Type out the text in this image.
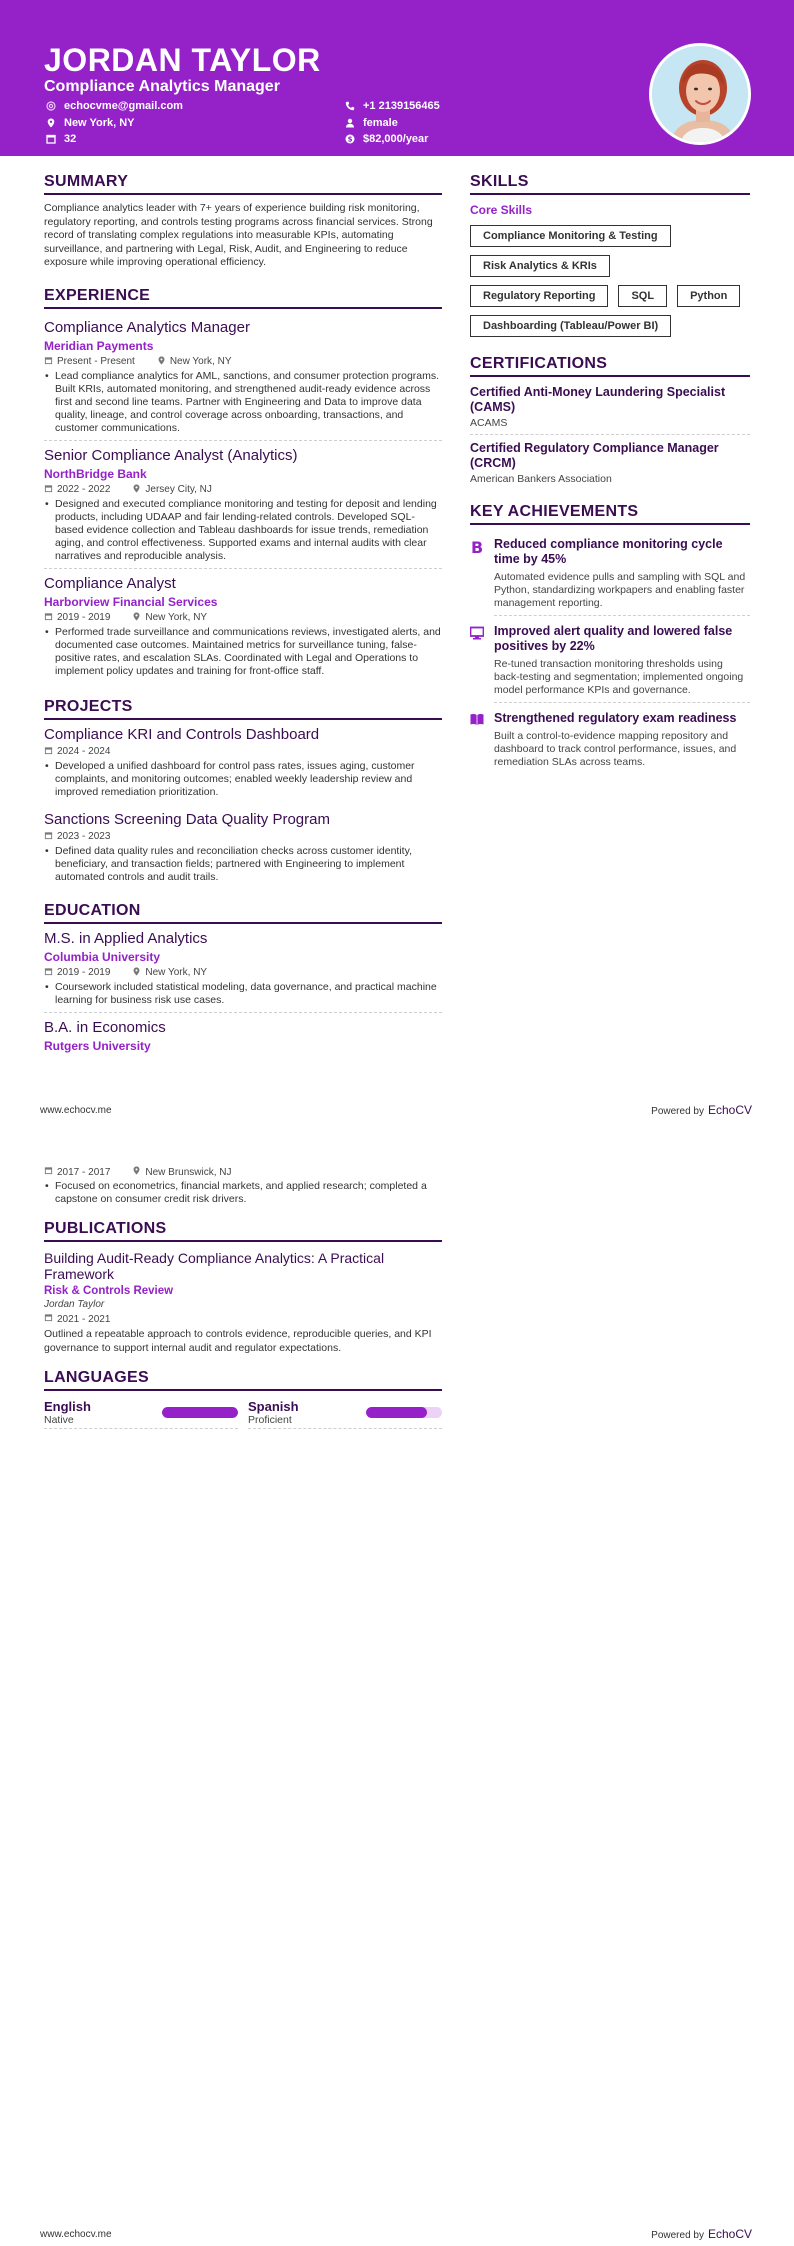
JORDAN TAYLOR
Compliance Analytics Manager
echocvme@gmail.com
New York, NY
32
+1 2139156465
female
$ $82,000/year
SUMMARY
Compliance analytics leader with 7+ years of experience building risk monitoring, regulatory reporting, and controls testing programs across financial services. Strong record of translating complex regulations into measurable KPIs, automating surveillance, and partnering with Legal, Risk, Audit, and Engineering to reduce exposure while improving operational efficiency.
EXPERIENCE
Compliance Analytics Manager
Meridian Payments
Present - Present	New York, NY
• Lead compliance analytics for AML, sanctions, and consumer protection programs. Built KRIs, automated monitoring, and strengthened audit-ready evidence across first and second line teams. Partner with Engineering and Data to improve data quality, lineage, and control coverage across onboarding, transactions, and customer communications.
Senior Compliance Analyst (Analytics)
NorthBridge Bank
2022 - 2022	Jersey City, NJ
• Designed and executed compliance monitoring and testing for deposit and lending products, including UDAAP and fair lending-related controls. Developed SQL-based evidence collection and Tableau dashboards for issue trends, remediation aging, and control effectiveness. Supported exams and internal audits with clear narratives and reproducible analysis.
Compliance Analyst
Harborview Financial Services
2019 - 2019	New York, NY
• Performed trade surveillance and communications reviews, investigated alerts, and documented case outcomes. Maintained metrics for surveillance tuning, false-positive rates, and escalation SLAs. Coordinated with Legal and Operations to implement policy updates and training for front-office staff.
PROJECTS
Compliance KRI and Controls Dashboard
2024 - 2024
• Developed a unified dashboard for control pass rates, issues aging, customer complaints, and monitoring outcomes; enabled weekly leadership review and improved remediation prioritization.
Sanctions Screening Data Quality Program
2023 - 2023
• Defined data quality rules and reconciliation checks across customer identity, beneficiary, and transaction fields; partnered with Engineering to implement automated controls and audit trails.
EDUCATION
M.S. in Applied Analytics
Columbia University
2019 - 2019	New York, NY
• Coursework included statistical modeling, data governance, and practical machine learning for business risk use cases.
B.A. in Economics
Rutgers University
SKILLS
Core Skills
Compliance Monitoring & Testing
Risk Analytics & KRIs
Regulatory Reporting	SQL	Python
Dashboarding (Tableau/Power BI)
CERTIFICATIONS
Certified Anti-Money Laundering Specialist (CAMS)
ACAMS
Certified Regulatory Compliance Manager (CRCM)
American Bankers Association
KEY ACHIEVEMENTS
B Reduced compliance monitoring cycle time by 45%
Automated evidence pulls and sampling with SQL and Python, standardizing workpapers and enabling faster management reporting.
Improved alert quality and lowered false positives by 22%
Re-tuned transaction monitoring thresholds using back-testing and segmentation; implemented ongoing model performance KPIs and governance.
Strengthened regulatory exam readiness
Built a control-to-evidence mapping repository and dashboard to track control performance, issues, and remediation SLAs across teams.
www.echocv.me	Powered by EchoCV
2017 - 2017	New Brunswick, NJ
• Focused on econometrics, financial markets, and applied research; completed a capstone on consumer credit risk drivers.
PUBLICATIONS
Building Audit-Ready Compliance Analytics: A Practical Framework
Risk & Controls Review
Jordan Taylor
2021 - 2021
Outlined a repeatable approach to controls evidence, reproducible queries, and KPI governance to support internal audit and regulator expectations.
LANGUAGES
English
Native
Spanish
Proficient
www.echocv.me	Powered by EchoCV
